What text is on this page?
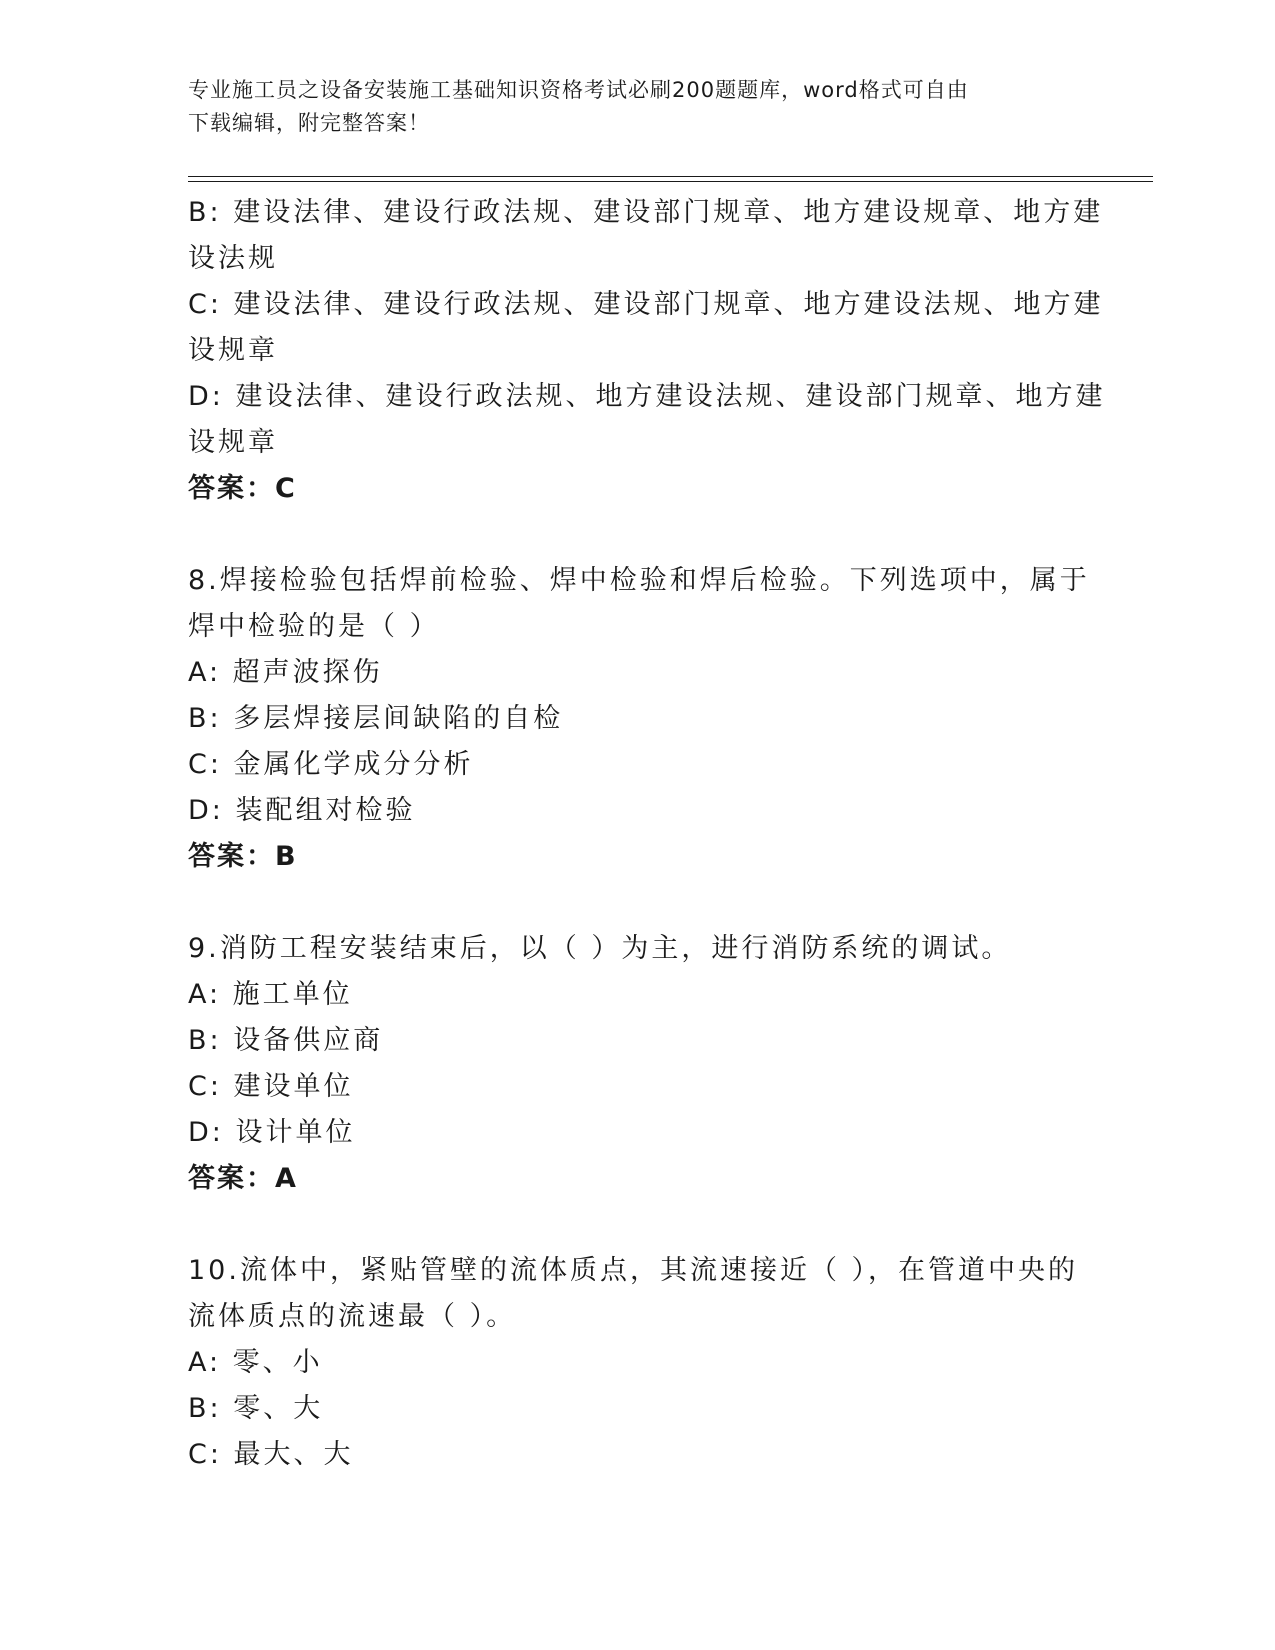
专业施工员之设备安装施工基础知识资格考试必刷200题题库，word格式可自由
下载编辑，附完整答案！
B: 建设法律、建设行政法规、建设部门规章、地方建设规章、地方建
设法规
C: 建设法律、建设行政法规、建设部门规章、地方建设法规、地方建
设规章
D: 建设法律、建设行政法规、地方建设法规、建设部门规章、地方建
设规章
答案：C
8.焊接检验包括焊前检验、焊中检验和焊后检验。下列选项中，属于
焊中检验的是（ ）
A: 超声波探伤
B: 多层焊接层间缺陷的自检
C: 金属化学成分分析
D: 装配组对检验
答案：B
9.消防工程安装结束后，以（ ）为主，进行消防系统的调试。
A: 施工单位
B: 设备供应商
C: 建设单位
D: 设计单位
答案：A
10.流体中，紧贴管壁的流体质点，其流速接近（ ），在管道中央的
流体质点的流速最（ ）。
A: 零、小
B: 零、大
C: 最大、大
